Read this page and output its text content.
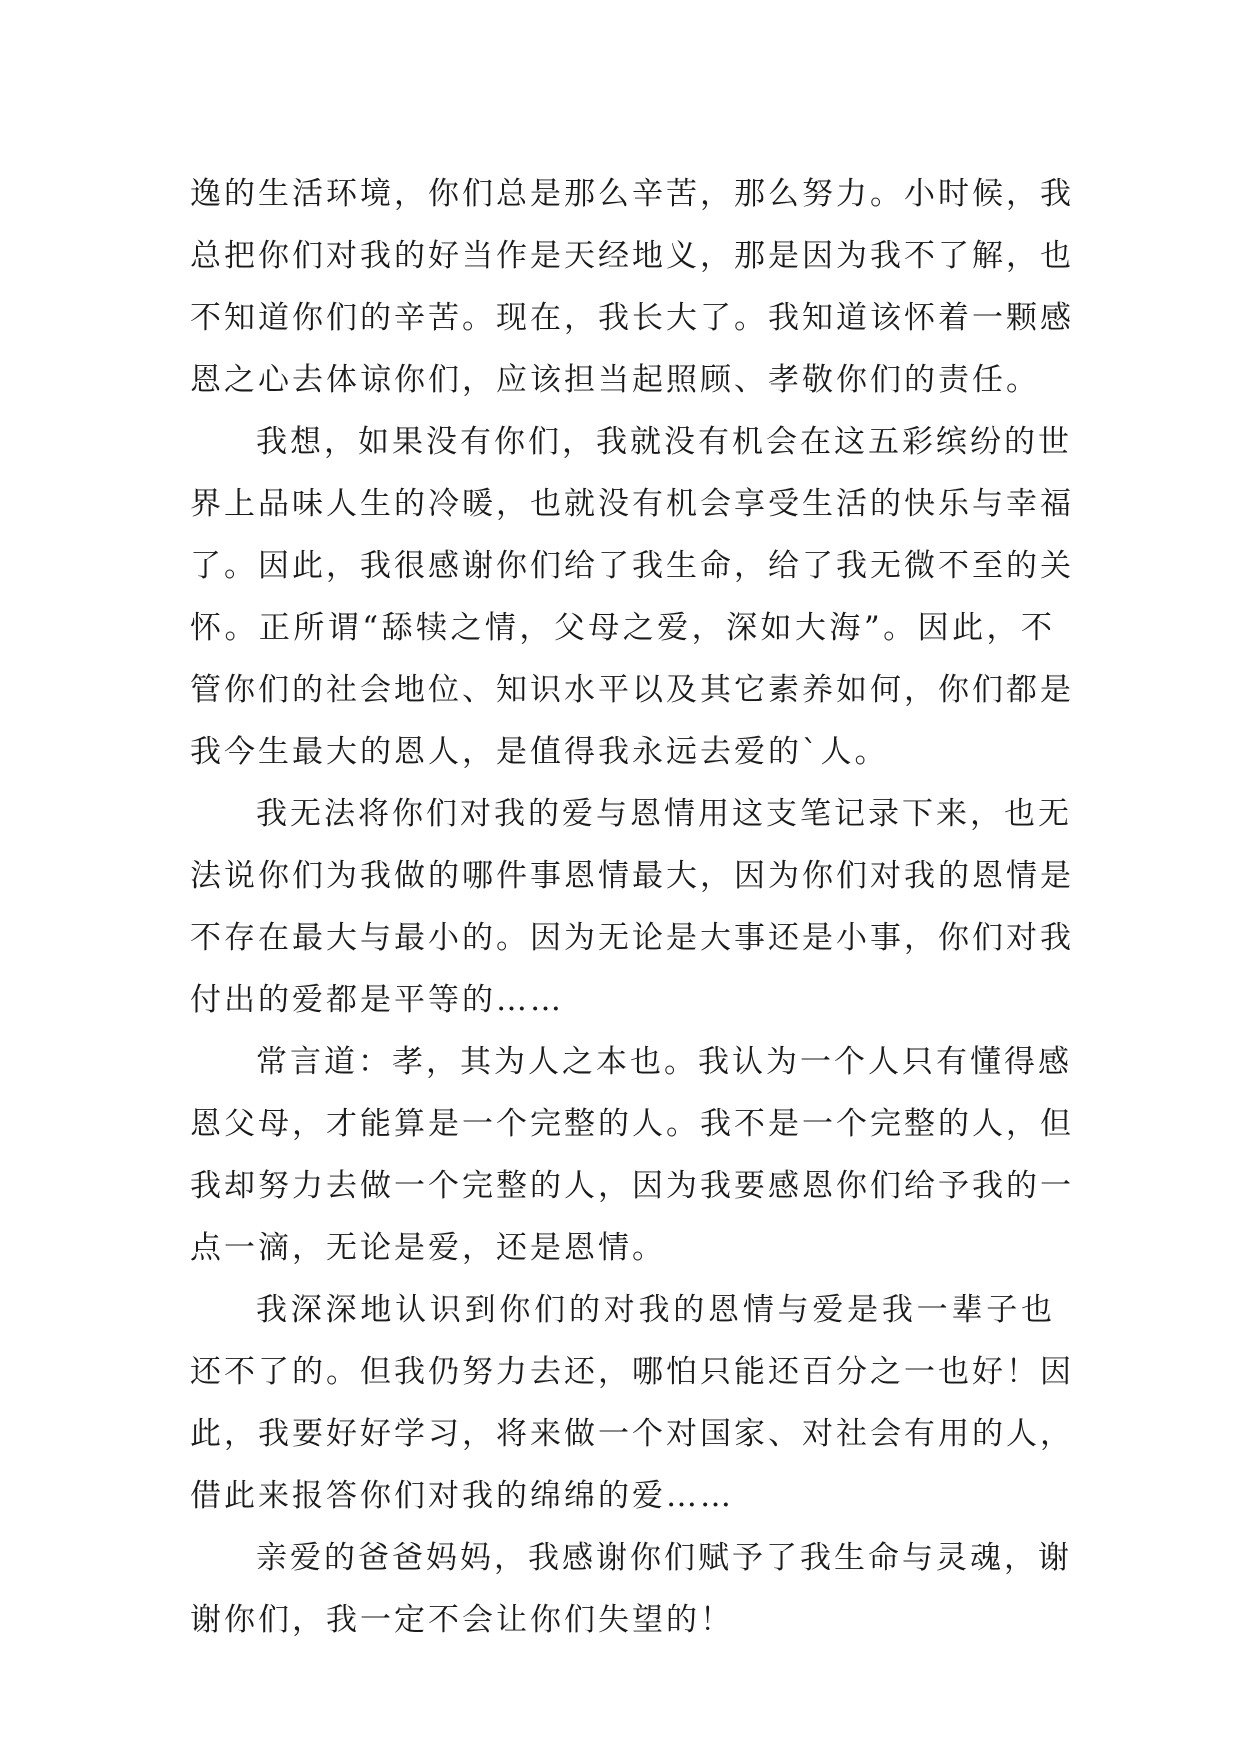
逸的生活环境，你们总是那么辛苦，那么努力。小时候，我
总把你们对我的好当作是天经地义，那是因为我不了解，也
不知道你们的辛苦。现在，我长大了。我知道该怀着一颗感
恩之心去体谅你们，应该担当起照顾、孝敬你们的责任。
我想，如果没有你们，我就没有机会在这五彩缤纷的世
界上品味人生的冷暖，也就没有机会享受生活的快乐与幸福
了。因此，我很感谢你们给了我生命，给了我无微不至的关
怀。正所谓“舔犊之情，父母之爱，深如大海”。因此，不
管你们的社会地位、知识水平以及其它素养如何，你们都是
我今生最大的恩人，是值得我永远去爱的`人。
我无法将你们对我的爱与恩情用这支笔记录下来，也无
法说你们为我做的哪件事恩情最大，因为你们对我的恩情是
不存在最大与最小的。因为无论是大事还是小事，你们对我
付出的爱都是平等的……
常言道：孝，其为人之本也。我认为一个人只有懂得感
恩父母，才能算是一个完整的人。我不是一个完整的人，但
我却努力去做一个完整的人，因为我要感恩你们给予我的一
点一滴，无论是爱，还是恩情。
我深深地认识到你们的对我的恩情与爱是我一辈子也
还不了的。但我仍努力去还，哪怕只能还百分之一也好！因
此，我要好好学习，将来做一个对国家、对社会有用的人，
借此来报答你们对我的绵绵的爱……
亲爱的爸爸妈妈，我感谢你们赋予了我生命与灵魂，谢
谢你们，我一定不会让你们失望的！
